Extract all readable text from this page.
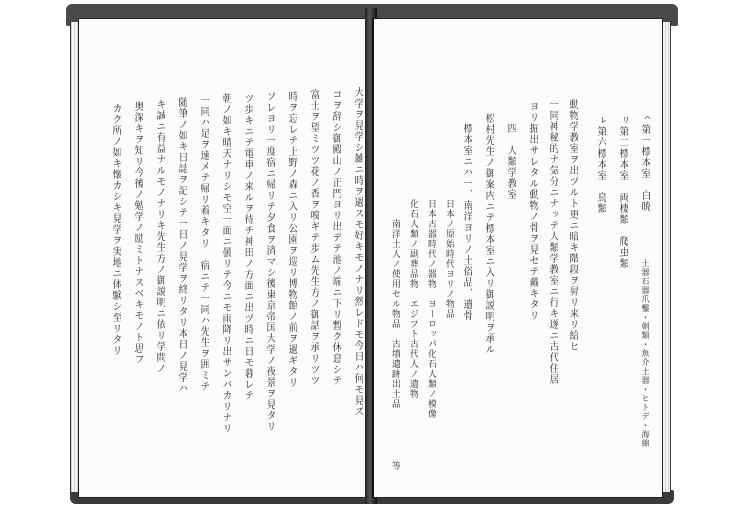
大学ヲ見学シ雑ニ時ヲ過スモ好キモノナリ然レドモ今日ハ何モ見ズ
コヲ辞シ御殿山ノ正門ヨリ出デテ池ノ端ニ下リ暫ク休息シテ
富士ヲ望ミツツ花ノ香ヲ嗅ギテ歩ム先生方ノ御話ヲ承リツツ
時ヲ忘レテ上野ノ森ニ入リ公園ヲ巡リ博物館ノ前ヲ過ギタリ
ソレヨリ一度宿ニ帰リテ夕食ヲ済マシ後東京帝国大学ノ夜景ヲ見タリ
ツ歩キニテ電車ノ来ルヲ待チ神田ノ方面ニ出ヅ時ニ日モ暮レテ
朝ノ如キ晴天ナリシモ空一面ニ曇リテ今ニモ雨降リ出サンバカリナリ
一同ハ足ヲ速メテ帰リ着キタリ　宿ニテ一同ハ先生ヲ囲ミテ
随筆ノ如キ日誌ヲ記シテ一日ノ見学ヲ終リタリ本日ノ見学ハ
キ誠ニ有益ナルモノナリキ先生方ノ御説明ニ依リ学問ノ
奥深キヲ知リ今後ノ勉学ノ励ミトナスベキモノト思フ
カク所ノ如キ懐カシキ見学ヲ実地ニ体験シ至リタリ	ㇸ第一標本室　白暁
土器石器爪鑿・剣類・魚介土器・ヒトデ・海綿
ㇼ第二標本室　両棲類　爬虫類
ㇾ第六標本室　鳥類
動物学教室ヲ出ヅルト更ニ暗キ階段ヲ昇リ来リ給ヒ
一同神秘的ナ気分ニナッテ人類学教室ニ行キ遂ニ古代住居
ヨリ掘出サレタル動物ノ骨ヲ見セテ戴キタリ
四　人類学教室
松村先生ノ御案内ニテ標本室ニ入リ御説明ヲ承ル
標本室ニハ一、南洋ヨリノ土俗品、遺骨
日本ノ原始時代ヨリノ物品
日本古器時代ノ器物　ヨーロッパ化石人類ノ模像
化石人類ノ副葬品物　エジプト古代人ノ遺物
南洋土人ノ使用セル物品　古墳遺跡出土品
等
